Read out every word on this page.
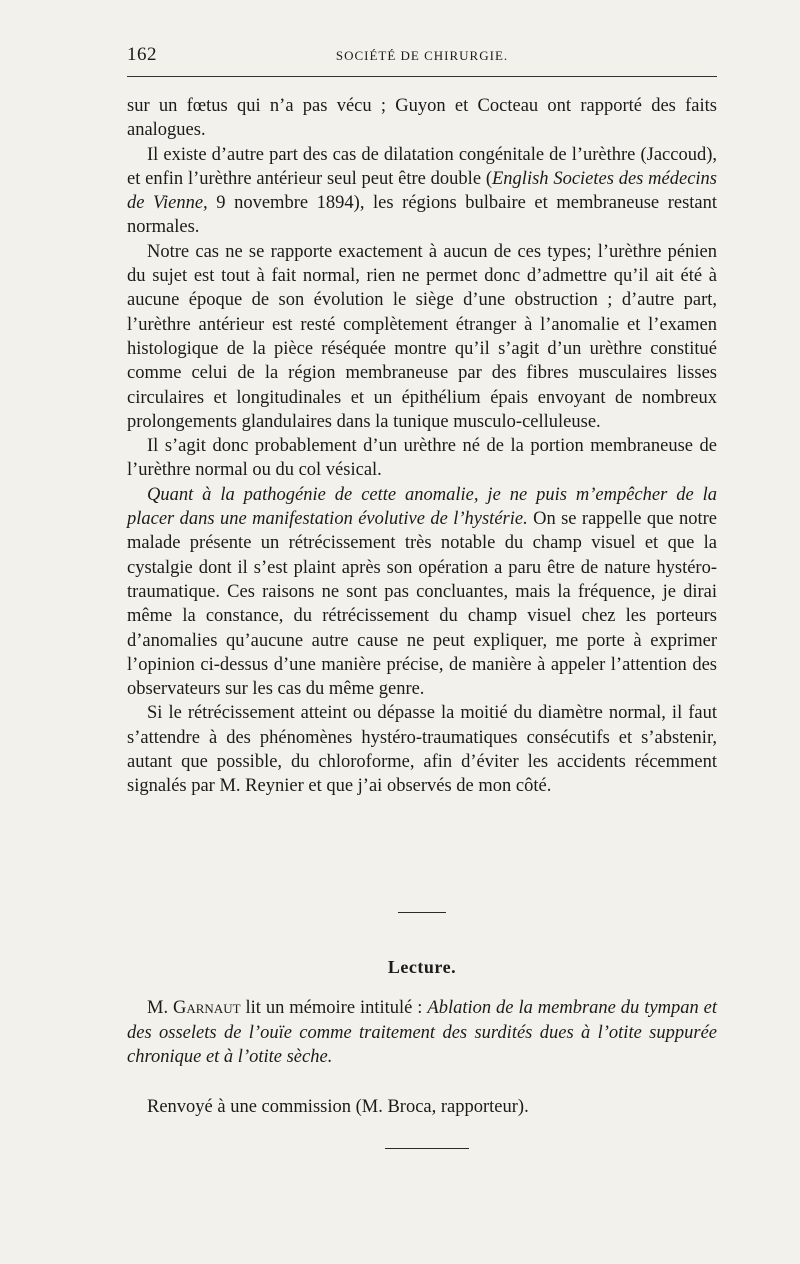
162	SOCIÉTÉ DE CHIRURGIE.

sur un fœtus qui n’a pas vécu ; Guyon et Cocteau ont rapporté des faits analogues.

Il existe d’autre part des cas de dilatation congénitale de l’urèthre (Jaccoud), et enfin l’urèthre antérieur seul peut être double (English Societes des médecins de Vienne, 9 novembre 1894), les régions bulbaire et membraneuse restant normales.

Notre cas ne se rapporte exactement à aucun de ces types; l’urèthre pénien du sujet est tout à fait normal, rien ne permet donc d’admettre qu’il ait été à aucune époque de son évolution le siège d’une obstruction ; d’autre part, l’urèthre antérieur est resté complètement étranger à l’anomalie et l’examen histologique de la pièce réséquée montre qu’il s’agit d’un urèthre constitué comme celui de la région membraneuse par des fibres musculaires lisses circulaires et longitudinales et un épithélium épais envoyant de nombreux prolongements glandulaires dans la tunique musculo-celluleuse.

Il s’agit donc probablement d’un urèthre né de la portion membraneuse de l’urèthre normal ou du col vésical.

Quant à la pathogénie de cette anomalie, je ne puis m’empêcher de la placer dans une manifestation évolutive de l’hystérie. On se rappelle que notre malade présente un rétrécissement très notable du champ visuel et que la cystalgie dont il s’est plaint après son opération a paru être de nature hystéro-traumatique. Ces raisons ne sont pas concluantes, mais la fréquence, je dirai même la constance, du rétrécissement du champ visuel chez les porteurs d’anomalies qu’aucune autre cause ne peut expliquer, me porte à exprimer l’opinion ci-dessus d’une manière précise, de manière à appeler l’attention des observateurs sur les cas du même genre.

Si le rétrécissement atteint ou dépasse la moitié du diamètre normal, il faut s’attendre à des phénomènes hystéro-traumatiques consécutifs et s’abstenir, autant que possible, du chloroforme, afin d’éviter les accidents récemment signalés par M. Reynier et que j’ai observés de mon côté.

Lecture.

M. Garnaut lit un mémoire intitulé : Ablation de la membrane du tympan et des osselets de l’ouïe comme traitement des surdités dues à l’otite suppurée chronique et à l’otite sèche.

Renvoyé à une commission (M. Broca, rapporteur).
